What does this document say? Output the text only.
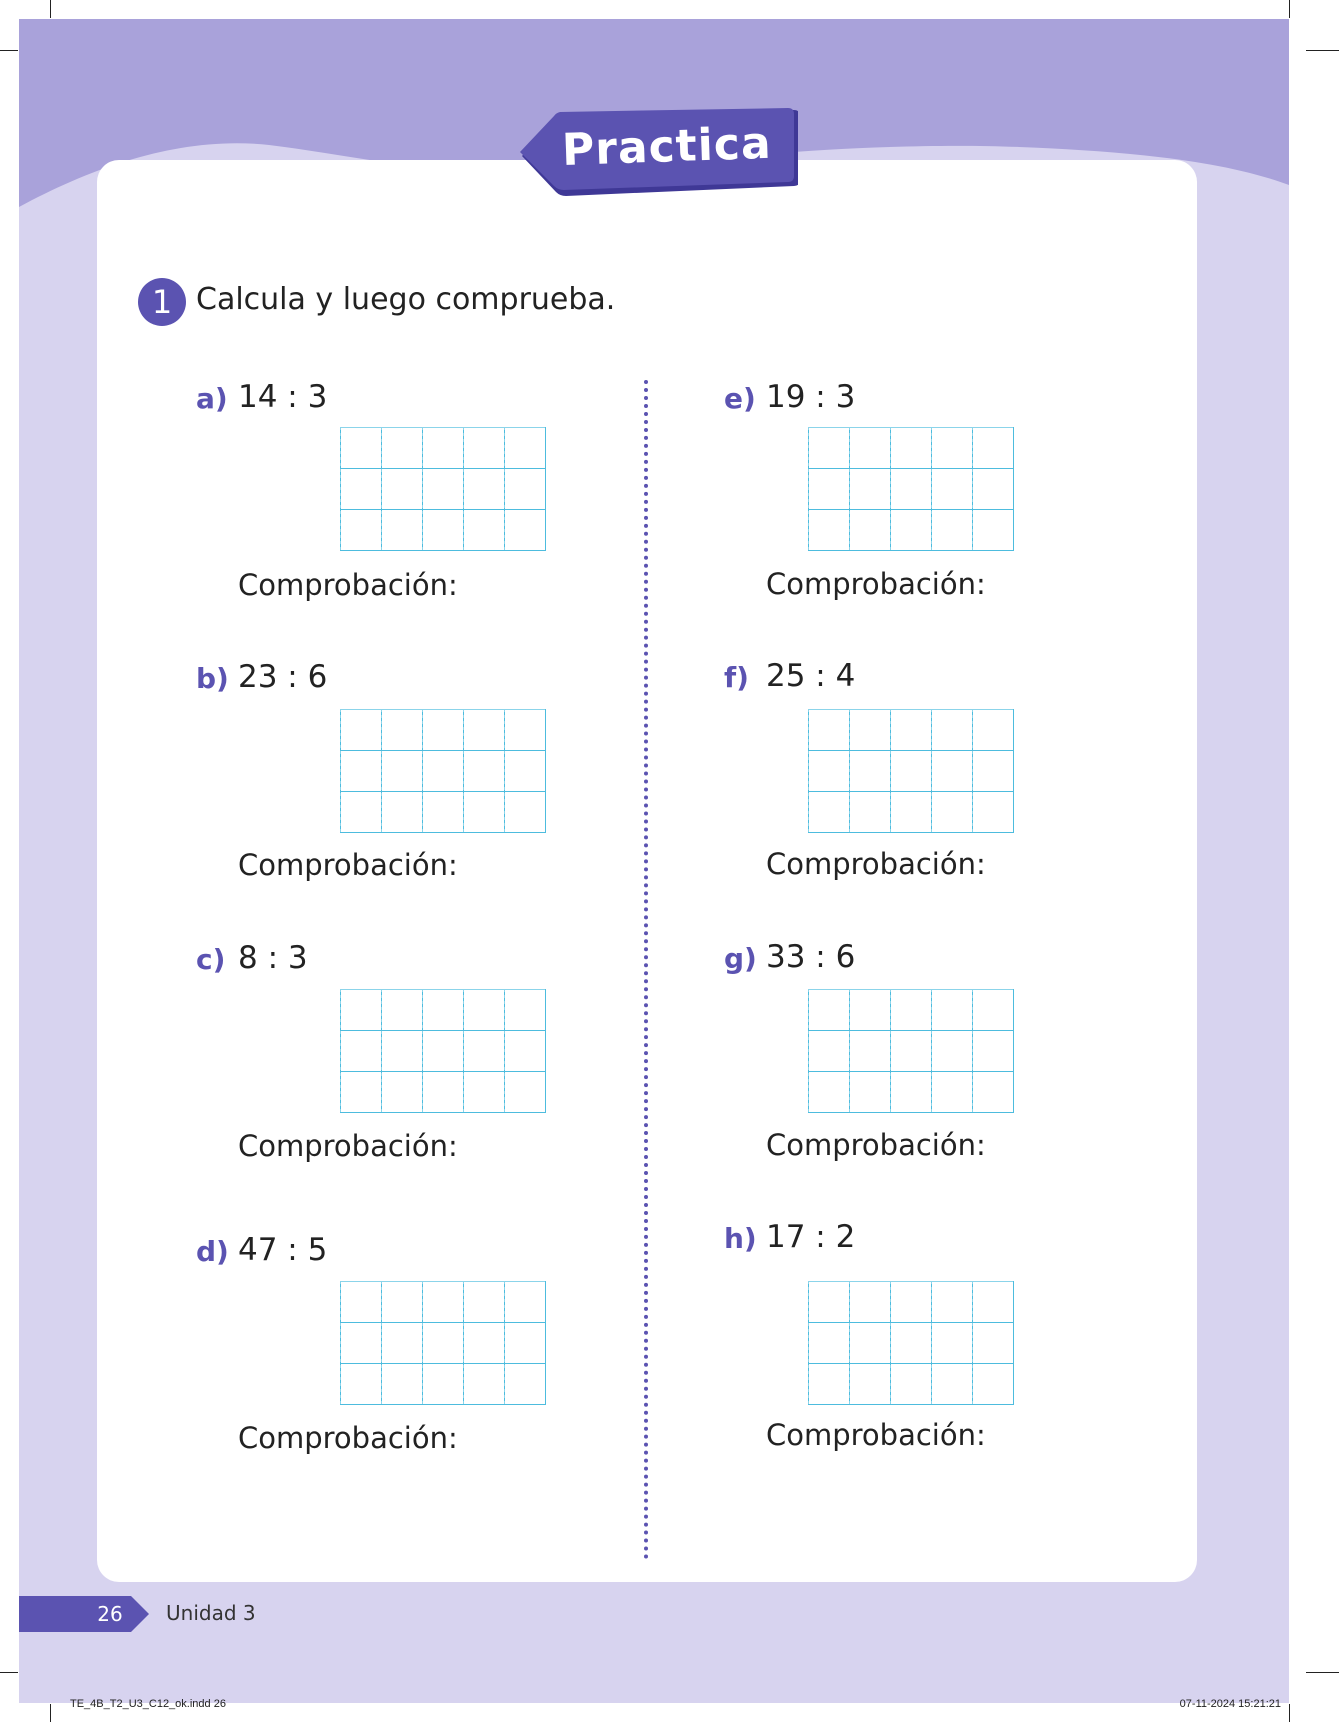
Practica
1 Calcula y luego comprueba.
a) 14 : 3
Comprobación:
b) 23 : 6
Comprobación:
c) 8 : 3
Comprobación:
d) 47 : 5
Comprobación:
e) 19 : 3
Comprobación:
f) 25 : 4
Comprobación:
g) 33 : 6
Comprobación:
h) 17 : 2
Comprobación:
26	Unidad 3
TE_4B_T2_U3_C12_ok.indd 26	07-11-2024 15:21:21
